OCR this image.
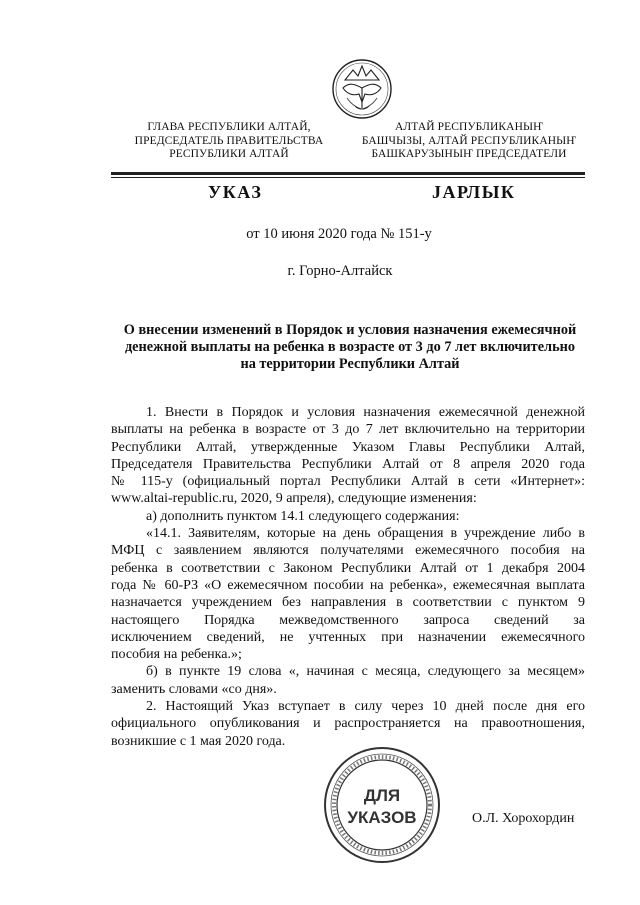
ГЛАВА РЕСПУБЛИКИ АЛТАЙ,
ПРЕДСЕДАТЕЛЬ ПРАВИТЕЛЬСТВА
РЕСПУБЛИКИ АЛТАЙ
АЛТАЙ РЕСПУБЛИКАНЫҤ
БАШЧЫЗЫ, АЛТАЙ РЕСПУБЛИКАНЫҤ
БАШКАРУЗЫНЫҤ ПРЕДСЕДАТЕЛИ
УКАЗ	JАРЛЫК
от 10 июня 2020 года № 151-у
г. Горно-Алтайск
О внесении изменений в Порядок и условия назначения ежемесячной
денежной выплаты на ребенка в возрасте от 3 до 7 лет включительно
на территории Республики Алтай
1. Внести в Порядок и условия назначения ежемесячной денежной
выплаты на ребенка в возрасте от 3 до 7 лет включительно на территории
Республики Алтай, утвержденные Указом Главы Республики Алтай,
Председателя Правительства Республики Алтай от 8 апреля 2020 года
№ 115-у (официальный портал Республики Алтай в сети «Интернет»:
www.altai-republic.ru, 2020, 9 апреля), следующие изменения:
а) дополнить пунктом 14.1 следующего содержания:
«14.1. Заявителям, которые на день обращения в учреждение либо в
МФЦ с заявлением являются получателями ежемесячного пособия на
ребенка в соответствии с Законом Республики Алтай от 1 декабря 2004
года № 60-РЗ «О ежемесячном пособии на ребенка», ежемесячная выплата
назначается учреждением без направления в соответствии с пунктом 9
настоящего Порядка межведомственного запроса сведений за
исключением сведений, не учтенных при назначении ежемесячного
пособия на ребенка.»;
б) в пункте 19 слова «, начиная с месяца, следующего за месяцем»
заменить словами «со дня».
2. Настоящий Указ вступает в силу через 10 дней после дня его
официального опубликования и распространяется на правоотношения,
возникшие с 1 мая 2020 года.
ДЛЯ
УКАЗОВ	О.Л. Хорохордин
